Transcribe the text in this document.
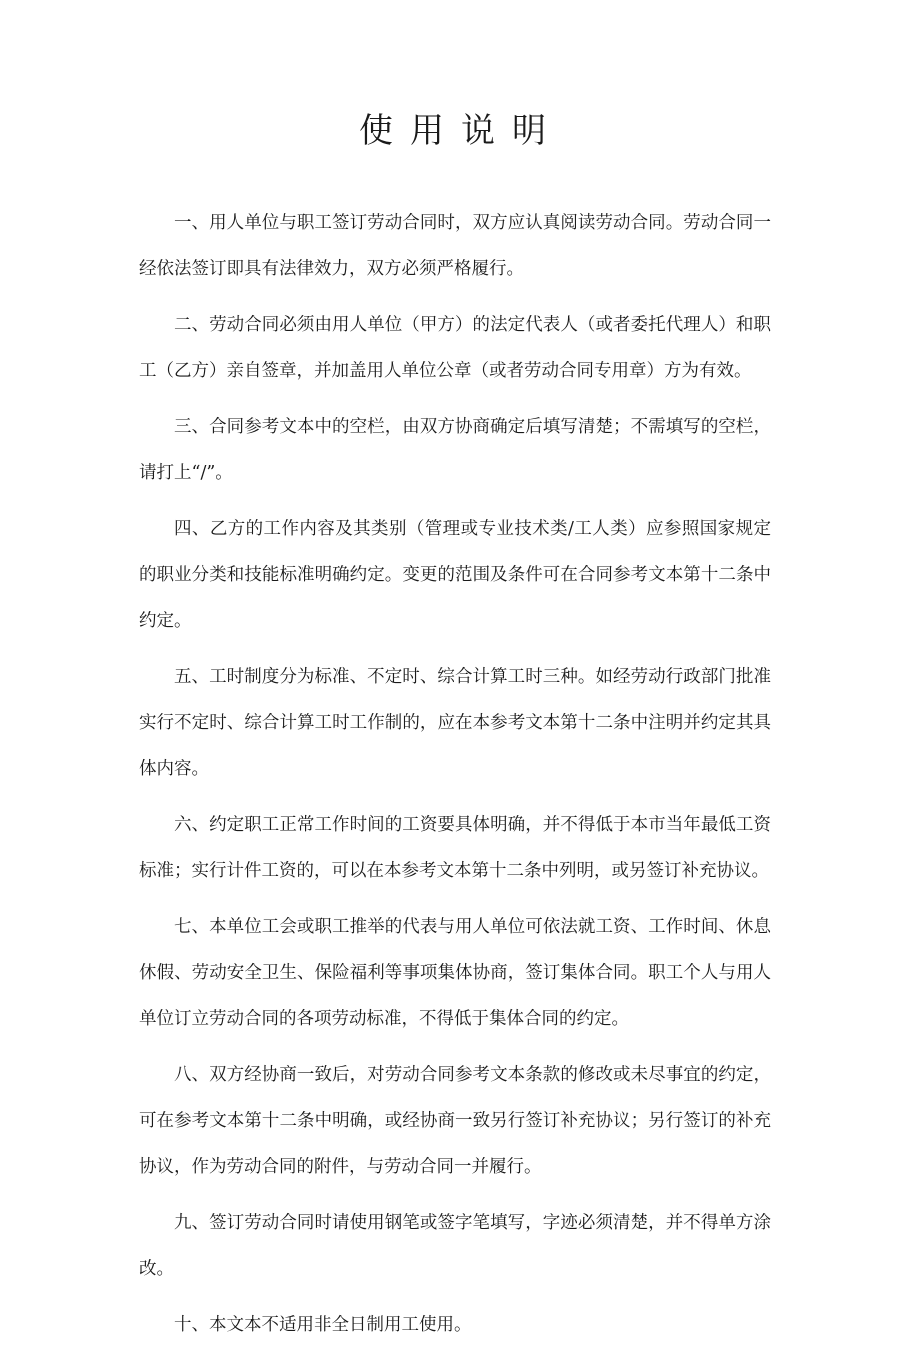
使用说明

一、用人单位与职工签订劳动合同时，双方应认真阅读劳动合同。劳动合同一经依法签订即具有法律效力，双方必须严格履行。

二、劳动合同必须由用人单位（甲方）的法定代表人（或者委托代理人）和职工（乙方）亲自签章，并加盖用人单位公章（或者劳动合同专用章）方为有效。

三、合同参考文本中的空栏，由双方协商确定后填写清楚；不需填写的空栏，请打上“/”。

四、乙方的工作内容及其类别（管理或专业技术类/工人类）应参照国家规定的职业分类和技能标准明确约定。变更的范围及条件可在合同参考文本第十二条中约定。

五、工时制度分为标准、不定时、综合计算工时三种。如经劳动行政部门批准实行不定时、综合计算工时工作制的，应在本参考文本第十二条中注明并约定其具体内容。

六、约定职工正常工作时间的工资要具体明确，并不得低于本市当年最低工资标准；实行计件工资的，可以在本参考文本第十二条中列明，或另签订补充协议。

七、本单位工会或职工推举的代表与用人单位可依法就工资、工作时间、休息休假、劳动安全卫生、保险福利等事项集体协商，签订集体合同。职工个人与用人单位订立劳动合同的各项劳动标准，不得低于集体合同的约定。

八、双方经协商一致后，对劳动合同参考文本条款的修改或未尽事宜的约定，可在参考文本第十二条中明确，或经协商一致另行签订补充协议；另行签订的补充协议，作为劳动合同的附件，与劳动合同一并履行。

九、签订劳动合同时请使用钢笔或签字笔填写，字迹必须清楚，并不得单方涂改。

十、本文本不适用非全日制用工使用。
